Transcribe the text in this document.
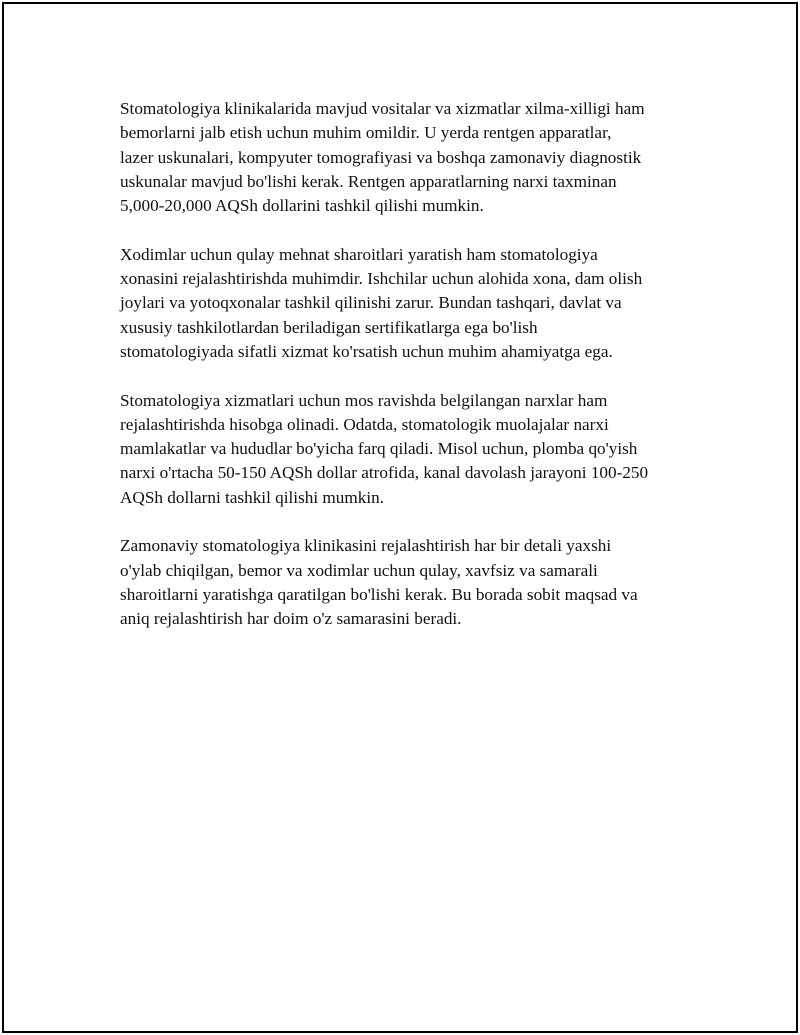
Stomatologiya klinikalarida mavjud vositalar va xizmatlar xilma-xilligi ham
bemorlarni jalb etish uchun muhim omildir. U yerda rentgen apparatlar,
lazer uskunalari, kompyuter tomografiyasi va boshqa zamonaviy diagnostik
uskunalar mavjud bo'lishi kerak. Rentgen apparatlarning narxi taxminan
5,000-20,000 AQSh dollarini tashkil qilishi mumkin.

Xodimlar uchun qulay mehnat sharoitlari yaratish ham stomatologiya
xonasini rejalashtirishda muhimdir. Ishchilar uchun alohida xona, dam olish
joylari va yotoqxonalar tashkil qilinishi zarur. Bundan tashqari, davlat va
xususiy tashkilotlardan beriladigan sertifikatlarga ega bo'lish
stomatologiyada sifatli xizmat ko'rsatish uchun muhim ahamiyatga ega.

Stomatologiya xizmatlari uchun mos ravishda belgilangan narxlar ham
rejalashtirishda hisobga olinadi. Odatda, stomatologik muolajalar narxi
mamlakatlar va hududlar bo'yicha farq qiladi. Misol uchun, plomba qo'yish
narxi o'rtacha 50-150 AQSh dollar atrofida, kanal davolash jarayoni 100-250
AQSh dollarni tashkil qilishi mumkin.

Zamonaviy stomatologiya klinikasini rejalashtirish har bir detali yaxshi
o'ylab chiqilgan, bemor va xodimlar uchun qulay, xavfsiz va samarali
sharoitlarni yaratishga qaratilgan bo'lishi kerak. Bu borada sobit maqsad va
aniq rejalashtirish har doim o'z samarasini beradi.
